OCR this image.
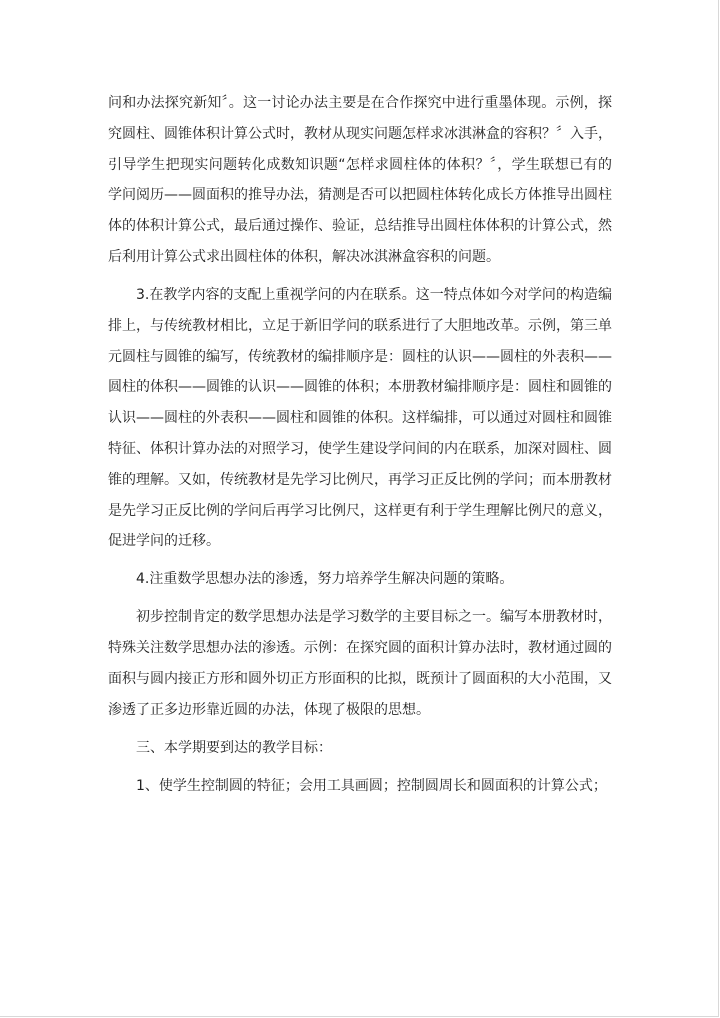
问和办法探究新知〞。这一讨论办法主要是在合作探究中进行重墨体现。示例，探究圆柱、圆锥体积计算公式时，教材从现实问题怎样求冰淇淋盒的容积？〞入手，引导学生把现实问题转化成数知识题“怎样求圆柱体的体积？〞，学生联想已有的学问阅历——圆面积的推导办法，猜测是否可以把圆柱体转化成长方体推导出圆柱体的体积计算公式，最后通过操作、验证，总结推导出圆柱体体积的计算公式，然后利用计算公式求出圆柱体的体积，解决冰淇淋盒容积的问题。

3.在教学内容的支配上重视学问的内在联系。这一特点体如今对学问的构造编排上，与传统教材相比，立足于新旧学问的联系进行了大胆地改革。示例，第三单元圆柱与圆锥的编写，传统教材的编排顺序是：圆柱的认识——圆柱的外表积——圆柱的体积——圆锥的认识——圆锥的体积；本册教材编排顺序是：圆柱和圆锥的认识——圆柱的外表积——圆柱和圆锥的体积。这样编排，可以通过对圆柱和圆锥特征、体积计算办法的对照学习，使学生建设学问间的内在联系，加深对圆柱、圆锥的理解。又如，传统教材是先学习比例尺，再学习正反比例的学问；而本册教材是先学习正反比例的学问后再学习比例尺，这样更有利于学生理解比例尺的意义，促进学问的迁移。

4.注重数学思想办法的渗透，努力培养学生解决问题的策略。

初步控制肯定的数学思想办法是学习数学的主要目标之一。编写本册教材时，特殊关注数学思想办法的渗透。示例：在探究圆的面积计算办法时，教材通过圆的面积与圆内接正方形和圆外切正方形面积的比拟，既预计了圆面积的大小范围，又渗透了正多边形靠近圆的办法，体现了极限的思想。

三、本学期要到达的教学目标：

1、使学生控制圆的特征；会用工具画圆；控制圆周长和圆面积的计算公式；
